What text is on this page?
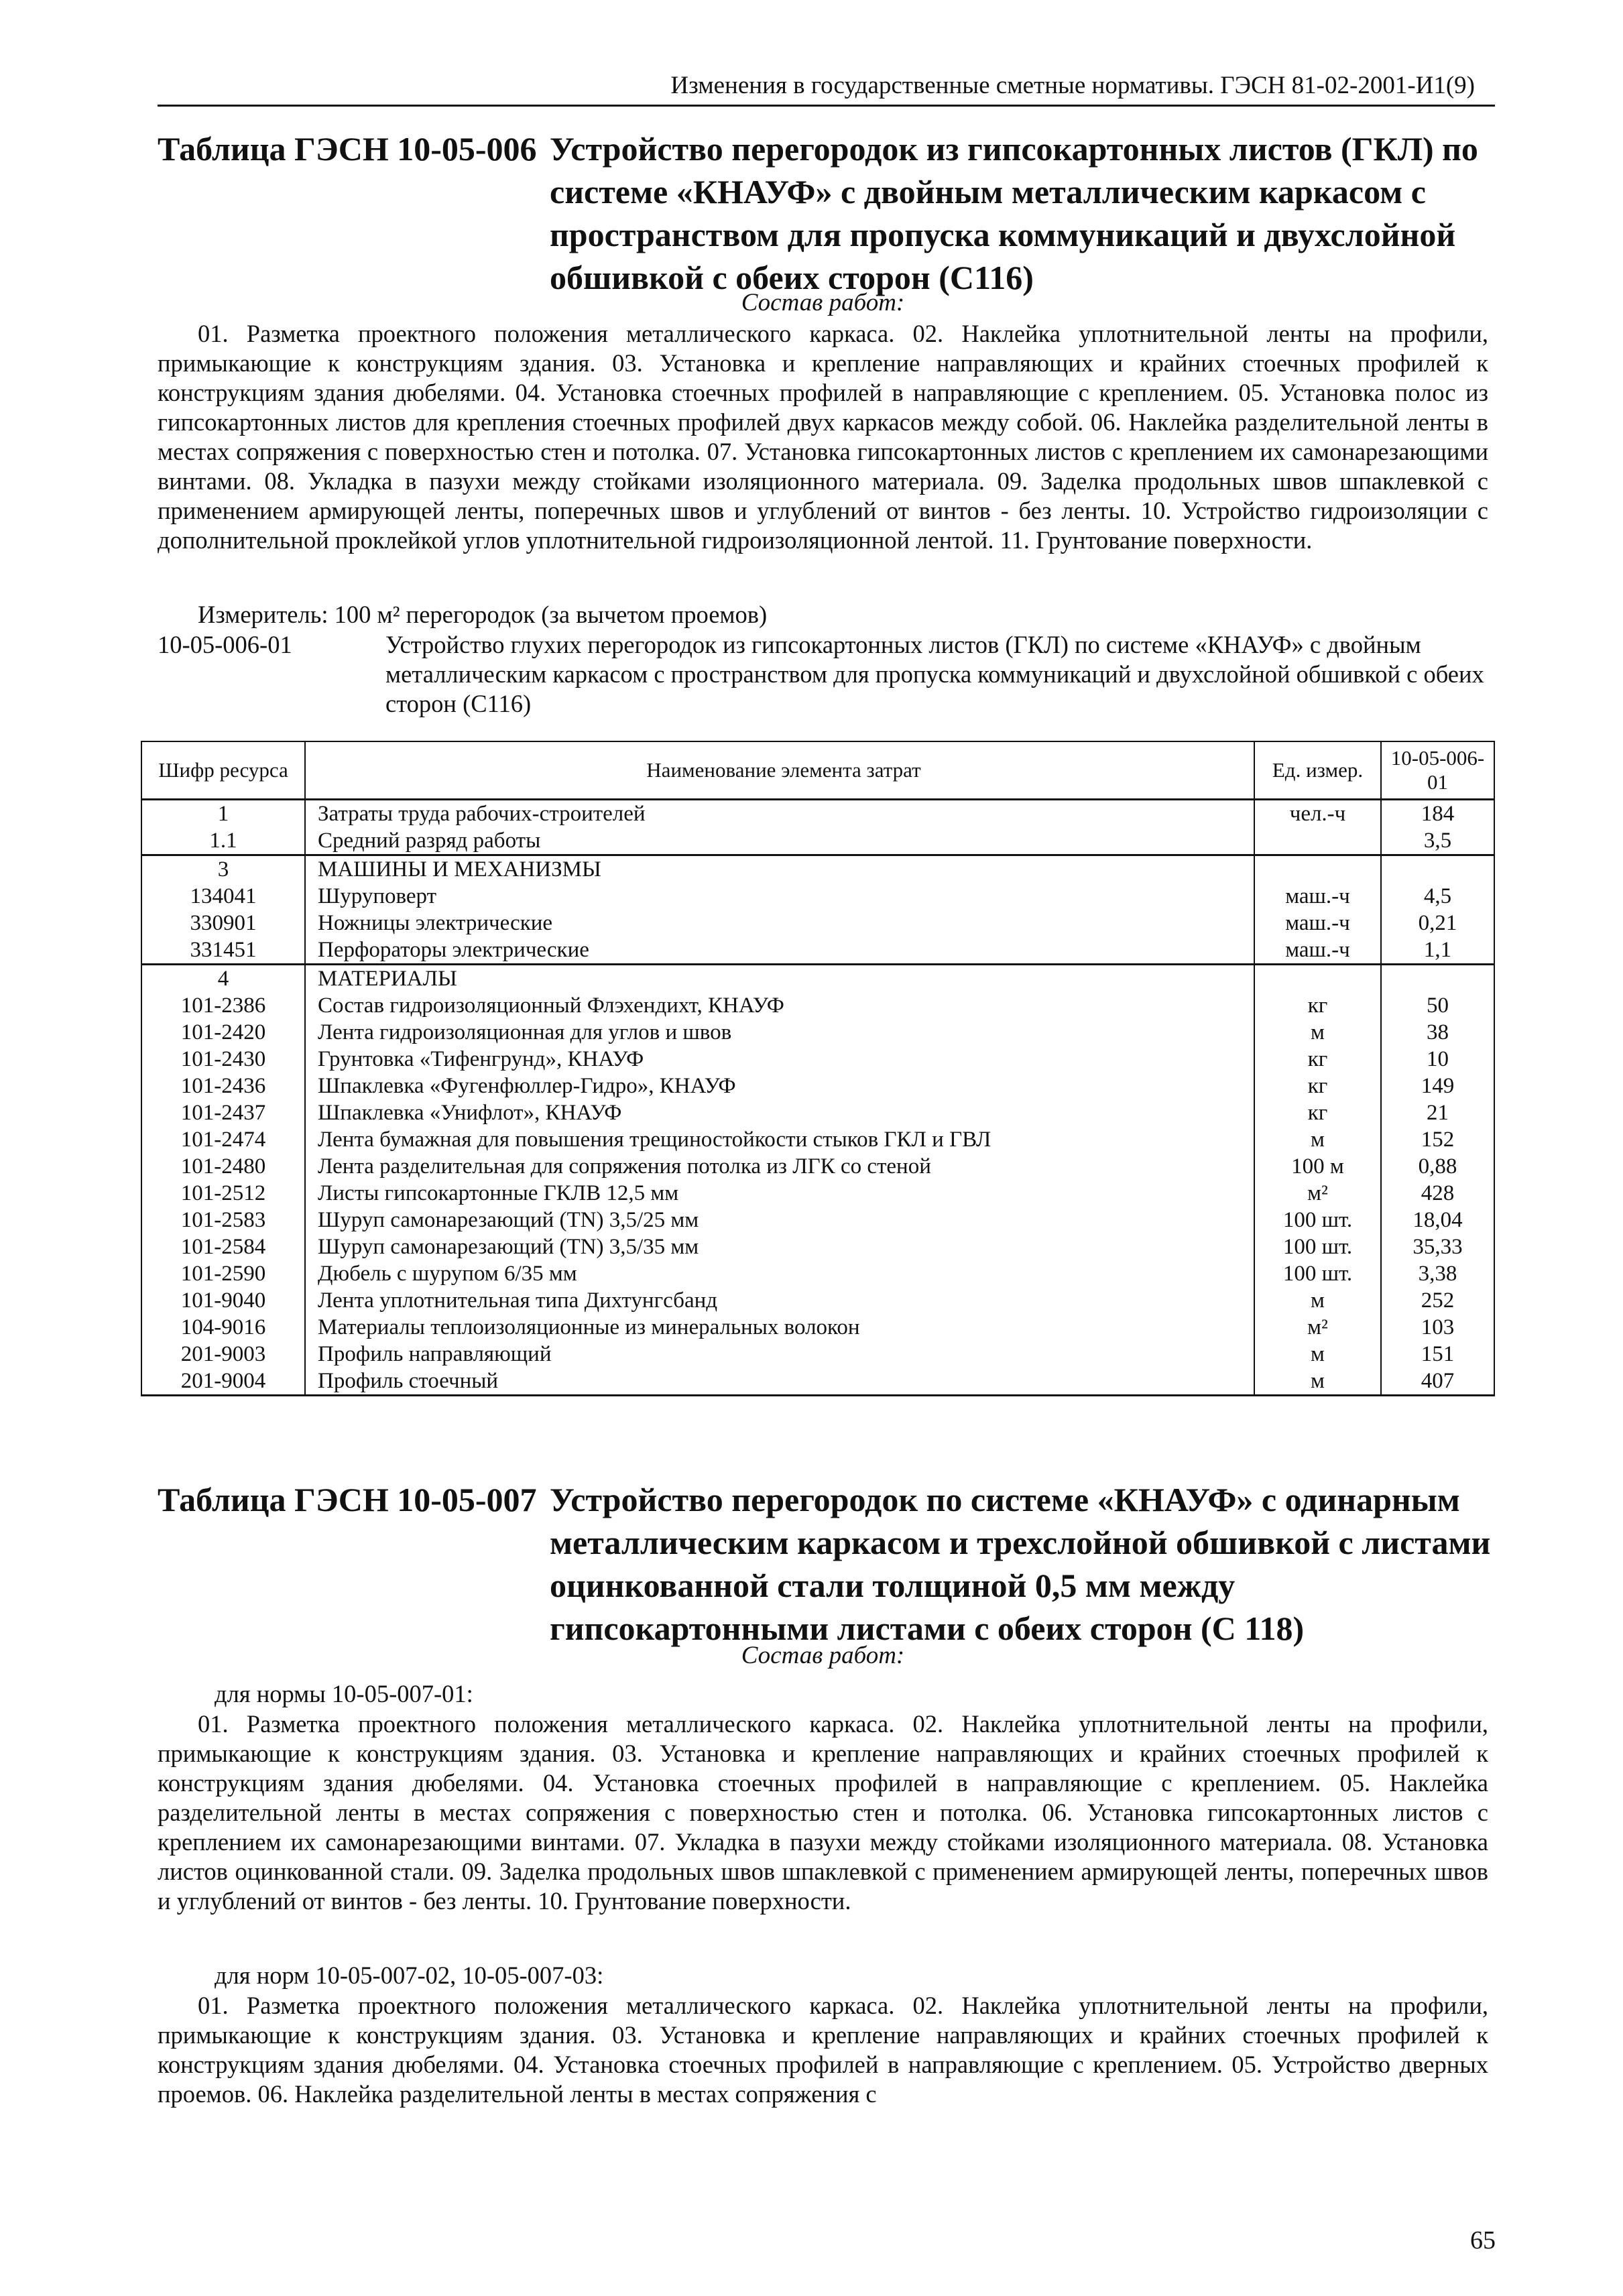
Изменения в государственные сметные нормативы. ГЭСН 81-02-2001-И1(9)
Таблица ГЭСН 10-05-006 Устройство перегородок из гипсокартонных листов (ГКЛ) по
системе «КНАУФ» с двойным металлическим каркасом с
пространством для пропуска коммуникаций и двухслойной
обшивкой с обеих сторон (С116)
Состав работ:
01. Разметка проектного положения металлического каркаса. 02. Наклейка уплотнительной ленты на профили, примыкающие к конструкциям здания. 03. Установка и крепление направляющих и крайних стоечных профилей к конструкциям здания дюбелями. 04. Установка стоечных профилей в направляющие с креплением. 05. Установка полос из гипсокартонных листов для крепления стоечных профилей двух каркасов между собой. 06. Наклейка разделительной ленты в местах сопряжения с поверхностью стен и потолка. 07. Установка гипсокартонных листов с креплением их самонарезающими винтами. 08. Укладка в пазухи между стойками изоляционного материала. 09. Заделка продольных швов шпаклевкой с применением армирующей ленты, поперечных швов и углублений от винтов - без ленты. 10. Устройство гидроизоляции с дополнительной проклейкой углов уплотнительной гидроизоляционной лентой. 11. Грунтование поверхности.
Измеритель: 100 м² перегородок (за вычетом проемов)
10-05-006-01	Устройство глухих перегородок из гипсокартонных листов (ГКЛ) по системе «КНАУФ» с двойным металлическим каркасом с пространством для пропуска коммуникаций и двухслойной обшивкой с обеих сторон (С116)
Шифр ресурса	Наименование элемента затрат	Ед. измер.	10-05-006-01
1	Затраты труда рабочих-строителей	чел.-ч	184
1.1	Средний разряд работы		3,5
3	МАШИНЫ И МЕХАНИЗМЫ		
134041	Шуруповерт	маш.-ч	4,5
330901	Ножницы электрические	маш.-ч	0,21
331451	Перфораторы электрические	маш.-ч	1,1
4	МАТЕРИАЛЫ		
101-2386	Состав гидроизоляционный Флэхендихт, КНАУФ	кг	50
101-2420	Лента гидроизоляционная для углов и швов	м	38
101-2430	Грунтовка «Тифенгрунд», КНАУФ	кг	10
101-2436	Шпаклевка «Фугенфюллер-Гидро», КНАУФ	кг	149
101-2437	Шпаклевка «Унифлот», КНАУФ	кг	21
101-2474	Лента бумажная для повышения трещиностойкости стыков ГКЛ и ГВЛ	м	152
101-2480	Лента разделительная для сопряжения потолка из ЛГК со стеной	100 м	0,88
101-2512	Листы гипсокартонные ГКЛВ 12,5 мм	м²	428
101-2583	Шуруп самонарезающий (TN) 3,5/25 мм	100 шт.	18,04
101-2584	Шуруп самонарезающий (TN) 3,5/35 мм	100 шт.	35,33
101-2590	Дюбель с шурупом 6/35 мм	100 шт.	3,38
101-9040	Лента уплотнительная типа Дихтунгсбанд	м	252
104-9016	Материалы теплоизоляционные из минеральных волокон	м²	103
201-9003	Профиль направляющий	м	151
201-9004	Профиль стоечный	м	407
Таблица ГЭСН 10-05-007 Устройство перегородок по системе «КНАУФ» с одинарным
металлическим каркасом и трехслойной обшивкой с листами
оцинкованной стали толщиной 0,5 мм между
гипсокартонными листами с обеих сторон (С 118)
Состав работ:
для нормы 10-05-007-01:
01. Разметка проектного положения металлического каркаса. 02. Наклейка уплотнительной ленты на профили, примыкающие к конструкциям здания. 03. Установка и крепление направляющих и крайних стоечных профилей к конструкциям здания дюбелями. 04. Установка стоечных профилей в направляющие с креплением. 05. Наклейка разделительной ленты в местах сопряжения с поверхностью стен и потолка. 06. Установка гипсокартонных листов с креплением их самонарезающими винтами. 07. Укладка в пазухи между стойками изоляционного материала. 08. Установка листов оцинкованной стали. 09. Заделка продольных швов шпаклевкой с применением армирующей ленты, поперечных швов и углублений от винтов - без ленты. 10. Грунтование поверхности.
для норм 10-05-007-02, 10-05-007-03:
01. Разметка проектного положения металлического каркаса. 02. Наклейка уплотнительной ленты на профили, примыкающие к конструкциям здания. 03. Установка и крепление направляющих и крайних стоечных профилей к конструкциям здания дюбелями. 04. Установка стоечных профилей в направляющие с креплением. 05. Устройство дверных проемов. 06. Наклейка разделительной ленты в местах сопряжения с
65
